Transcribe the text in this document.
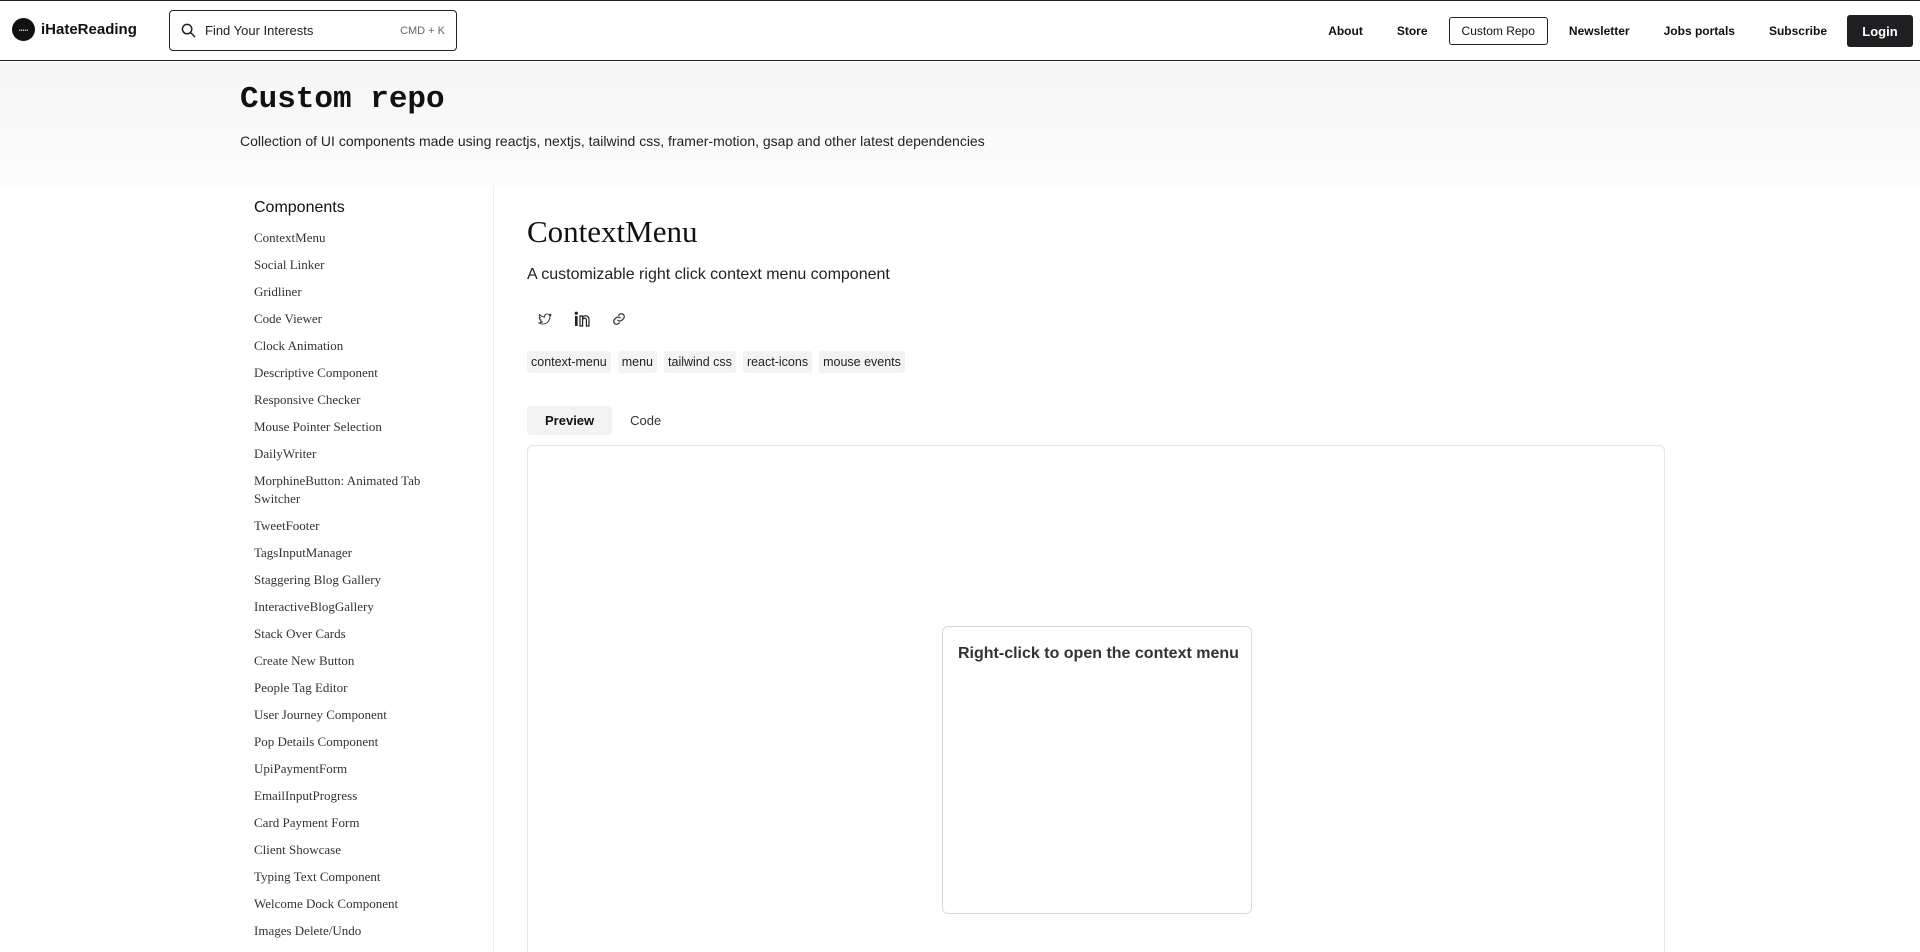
●●●●● iHateReading	Find Your Interests	CMD + K	About	Store	Custom Repo	Newsletter	Jobs portals	Subscribe	Login
Custom repo
Collection of UI components made using reactjs, nextjs, tailwind css, framer-motion, gsap and other latest dependencies
Components
ContextMenu
Social Linker
Gridliner
Code Viewer
Clock Animation
Descriptive Component
Responsive Checker
Mouse Pointer Selection
DailyWriter
MorphineButton: Animated Tab Switcher
TweetFooter
TagsInputManager
Staggering Blog Gallery
InteractiveBlogGallery
Stack Over Cards
Create New Button
People Tag Editor
User Journey Component
Pop Details Component
UpiPaymentForm
EmailInputProgress
Card Payment Form
Client Showcase
Typing Text Component
Welcome Dock Component
Images Delete/Undo
ContextMenu
A customizable right click context menu component
context-menu	menu	tailwind css	react-icons	mouse events
Preview	Code
Right-click to open the context menu
